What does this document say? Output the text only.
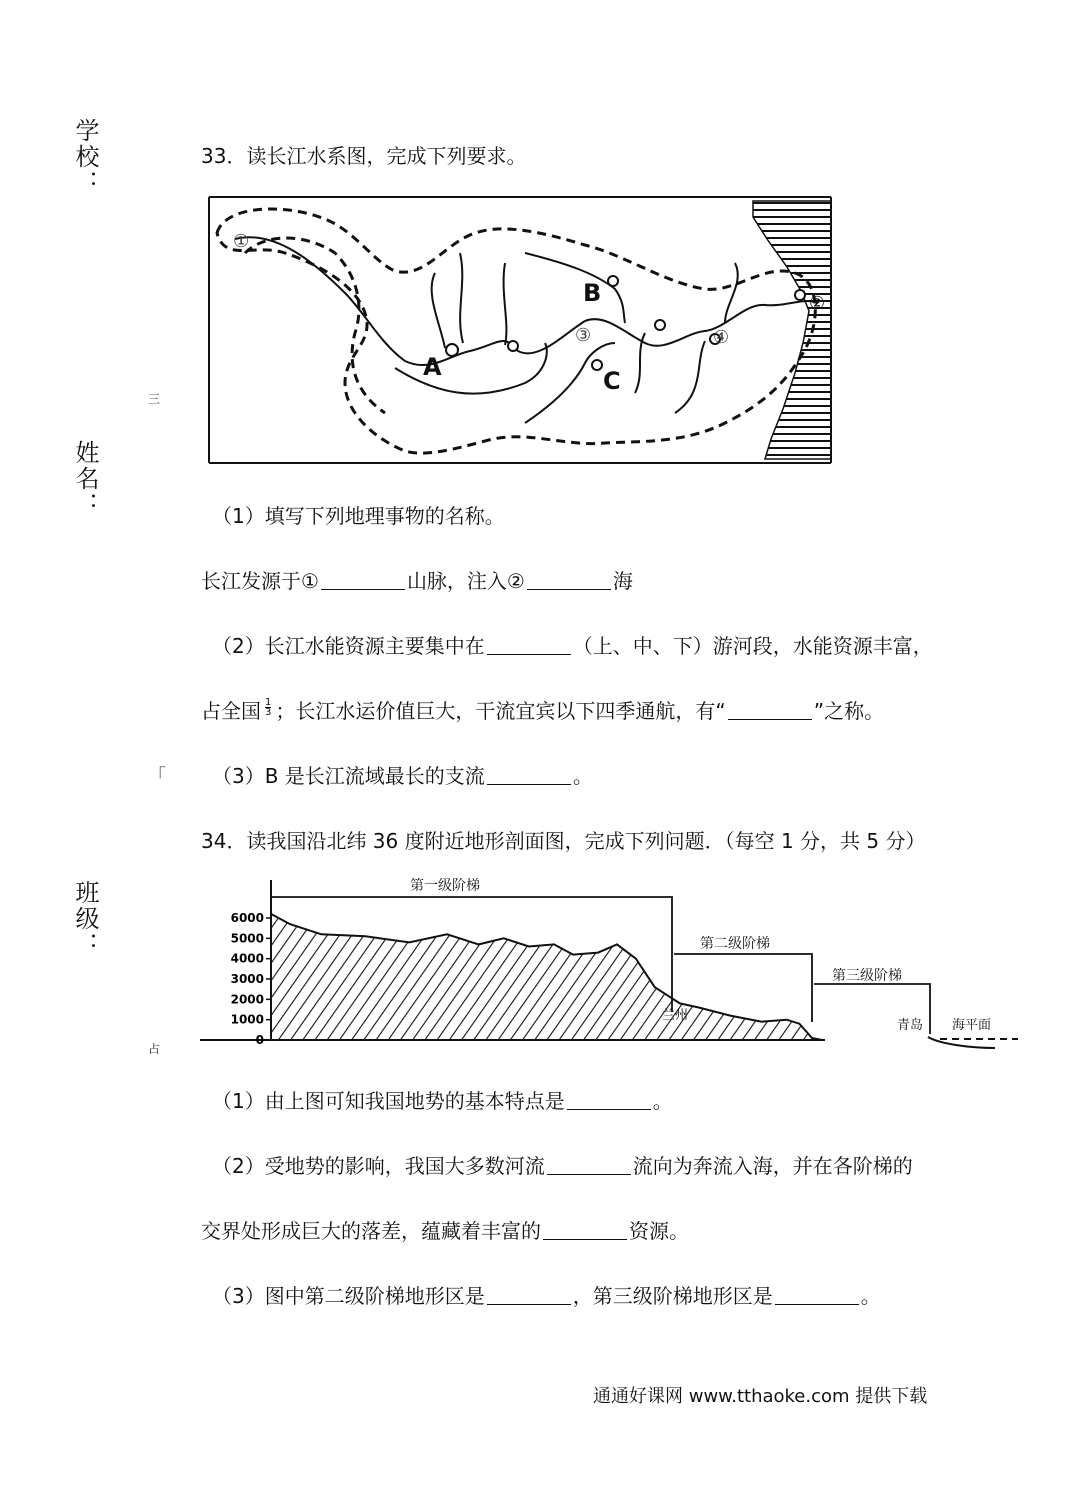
学校：
姓名：
班级：
三
「
占
33．读长江水系图，完成下列要求。
①
②
③	④
A
B
C
（1）填写下列地理事物的名称。
长江发源于①	山脉，注入②	海
（2）长江水能资源主要集中在	（上、中、下）游河段，水能资源丰富，
占全国 $\frac{1}{3}$ ；长江水运价值巨大，干流宜宾以下四季通航，有“	”之称。
（3）B 是长江流域最长的支流	。
34．读我国沿北纬 36 度附近地形剖面图，完成下列问题．（每空 1 分，共 5 分）
6000
5000
4000
3000
2000
1000
0
第一级阶梯
第二级阶梯
第三级阶梯
兰州
青岛 海平面
（1）由上图可知我国地势的基本特点是	。
（2）受地势的影响，我国大多数河流	流向为奔流入海，并在各阶梯的
交界处形成巨大的落差，蕴藏着丰富的	资源。
（3）图中第二级阶梯地形区是	，第三级阶梯地形区是	。
通通好课网 www.tthaoke.com 提供下载
